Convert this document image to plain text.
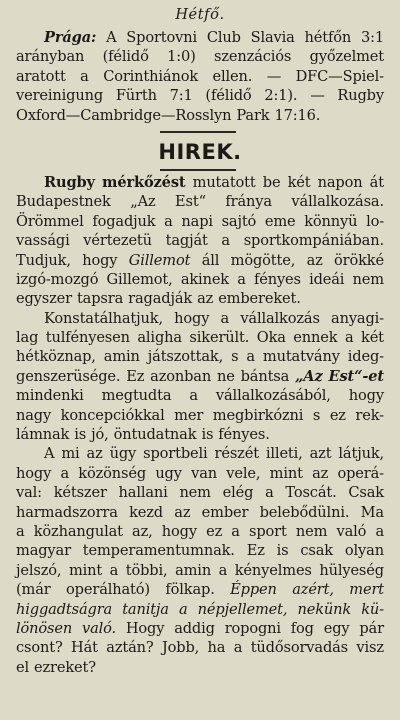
Hétfő.
Prága: A Sportovni Club Slavia hétfőn 3:1
arányban (félidő 1:0) szenzációs győzelmet
aratott a Corinthiánok ellen. — DFC—Spiel-
vereinigung Fürth 7:1 (félidő 2:1). — Rugby
Oxford—Cambridge—Rosslyn Park 17:16.
HIREK.
Rugby mérkőzést mutatott be két napon át
Budapestnek „Az Est“ fránya vállalkozása.
Örömmel fogadjuk a napi sajtó eme könnyü lo-
vassági vértezetü tagját a sportkompániában.
Tudjuk, hogy Gillemot áll mögötte, az örökké
izgó-mozgó Gillemot, akinek a fényes ideái nem
egyszer tapsra ragadják az embereket.
Konstatálhatjuk, hogy a vállalkozás anyagi-
lag tulfényesen aligha sikerült. Oka ennek a két
hétköznap, amin játszottak, s a mutatvány ideg-
genszerüsége. Ez azonban ne bántsa „Az Est“-et
mindenki megtudta a vállalkozásából, hogy
nagy koncepciókkal mer megbirkózni s ez rek-
lámnak is jó, öntudatnak is fényes.
A mi az ügy sportbeli részét illeti, azt látjuk,
hogy a közönség ugy van vele, mint az operá-
val: kétszer hallani nem elég a Toscát. Csak
harmadszorra kezd az ember belebődülni. Ma
a közhangulat az, hogy ez a sport nem való a
magyar temperamentumnak. Ez is csak olyan
jelszó, mint a többi, amin a kényelmes hülyeség
(már operálható) fölkap. Éppen azért, mert
higgadtságra tanitja a népjellemet, nekünk kü-
lönösen való. Hogy addig ropogni fog egy pár
csont? Hát aztán? Jobb, ha a tüdősorvadás visz
el ezreket?
